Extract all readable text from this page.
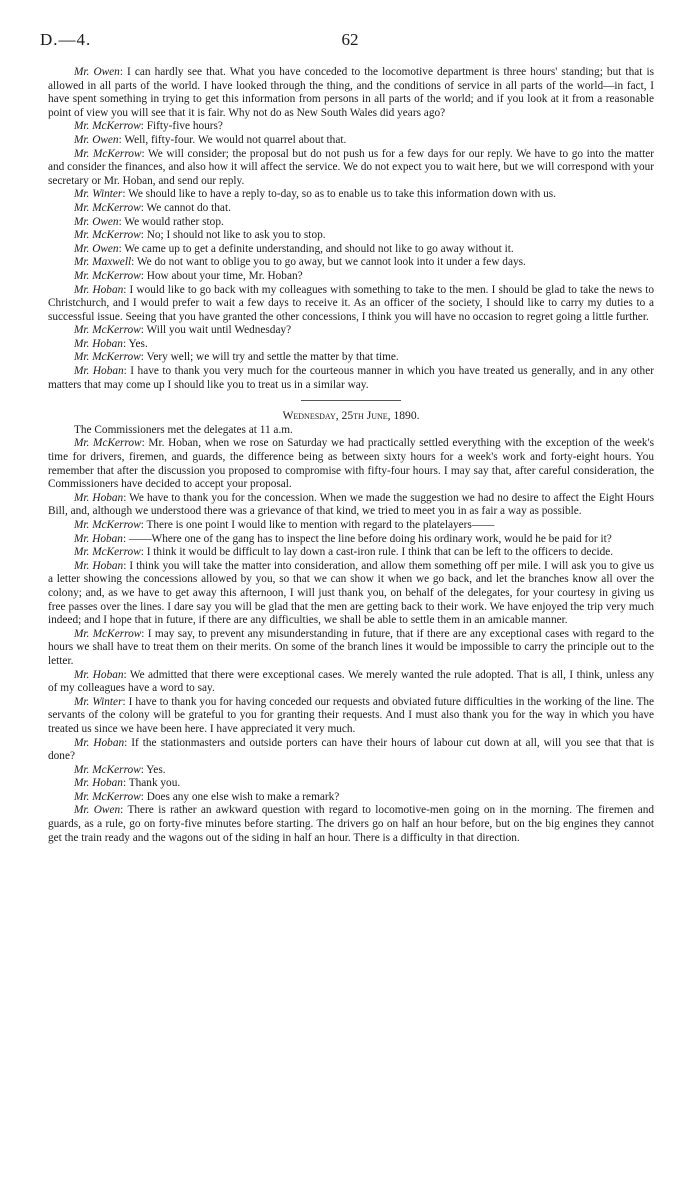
62
D.—4.

Mr. Owen: I can hardly see that. What you have conceded to the locomotive department is three hours' standing; but that is allowed in all parts of the world. I have looked through the thing, and the conditions of service in all parts of the world—in fact, I have spent something in trying to get this information from persons in all parts of the world; and if you look at it from a reasonable point of view you will see that it is fair. Why not do as New South Wales did years ago?

Mr. McKerrow: Fifty-five hours?

Mr. Owen: Well, fifty-four. We would not quarrel about that.

Mr. McKerrow: We will consider; the proposal but do not push us for a few days for our reply. We have to go into the matter and consider the finances, and also how it will affect the service. We do not expect you to wait here, but we will correspond with your secretary or Mr. Hoban, and send our reply.

Mr. Winter: We should like to have a reply to-day, so as to enable us to take this information down with us.

Mr. McKerrow: We cannot do that.

Mr. Owen: We would rather stop.

Mr. McKerrow: No; I should not like to ask you to stop.

Mr. Owen: We came up to get a definite understanding, and should not like to go away without it.

Mr. Maxwell: We do not want to oblige you to go away, but we cannot look into it under a few days.

Mr. McKerrow: How about your time, Mr. Hoban?

Mr. Hoban: I would like to go back with my colleagues with something to take to the men. I should be glad to take the news to Christchurch, and I would prefer to wait a few days to receive it. As an officer of the society, I should like to carry my duties to a successful issue. Seeing that you have granted the other concessions, I think you will have no occasion to regret going a little further.

Mr. McKerrow: Will you wait until Wednesday?

Mr. Hoban: Yes.

Mr. McKerrow: Very well; we will try and settle the matter by that time.

Mr. Hoban: I have to thank you very much for the courteous manner in which you have treated us generally, and in any other matters that may come up I should like you to treat us in a similar way.

Wednesday, 25th June, 1890.

The Commissioners met the delegates at 11 a.m.

Mr. McKerrow: Mr. Hoban, when we rose on Saturday we had practically settled everything with the exception of the week's time for drivers, firemen, and guards, the difference being as between sixty hours for a week's work and forty-eight hours. You remember that after the discussion you proposed to compromise with fifty-four hours. I may say that, after careful consideration, the Commissioners have decided to accept your proposal.

Mr. Hoban: We have to thank you for the concession. When we made the suggestion we had no desire to affect the Eight Hours Bill, and, although we understood there was a grievance of that kind, we tried to meet you in as fair a way as possible.

Mr. McKerrow: There is one point I would like to mention with regard to the platelayers——

Mr. Hoban: ——Where one of the gang has to inspect the line before doing his ordinary work, would he be paid for it?

Mr. McKerrow: I think it would be difficult to lay down a cast-iron rule. I think that can be left to the officers to decide.

Mr. Hoban: I think you will take the matter into consideration, and allow them something off per mile. I will ask you to give us a letter showing the concessions allowed by you, so that we can show it when we go back, and let the branches know all over the colony; and, as we have to get away this afternoon, I will just thank you, on behalf of the delegates, for your courtesy in giving us free passes over the lines. I dare say you will be glad that the men are getting back to their work. We have enjoyed the trip very much indeed; and I hope that in future, if there are any difficulties, we shall be able to settle them in an amicable manner.

Mr. McKerrow: I may say, to prevent any misunderstanding in future, that if there are any exceptional cases with regard to the hours we shall have to treat them on their merits. On some of the branch lines it would be impossible to carry the principle out to the letter.

Mr. Hoban: We admitted that there were exceptional cases. We merely wanted the rule adopted. That is all, I think, unless any of my colleagues have a word to say.

Mr. Winter: I have to thank you for having conceded our requests and obviated future difficulties in the working of the line. The servants of the colony will be grateful to you for granting their requests. And I must also thank you for the way in which you have treated us since we have been here. I have appreciated it very much.

Mr. Hoban: If the stationmasters and outside porters can have their hours of labour cut down at all, will you see that that is done?

Mr. McKerrow: Yes.

Mr. Hoban: Thank you.

Mr. McKerrow: Does any one else wish to make a remark?

Mr. Owen: There is rather an awkward question with regard to locomotive-men going on in the morning. The firemen and guards, as a rule, go on forty-five minutes before starting. The drivers go on half an hour before, but on the big engines they cannot get the train ready and the wagons out of the siding in half an hour. There is a difficulty in that direction.
